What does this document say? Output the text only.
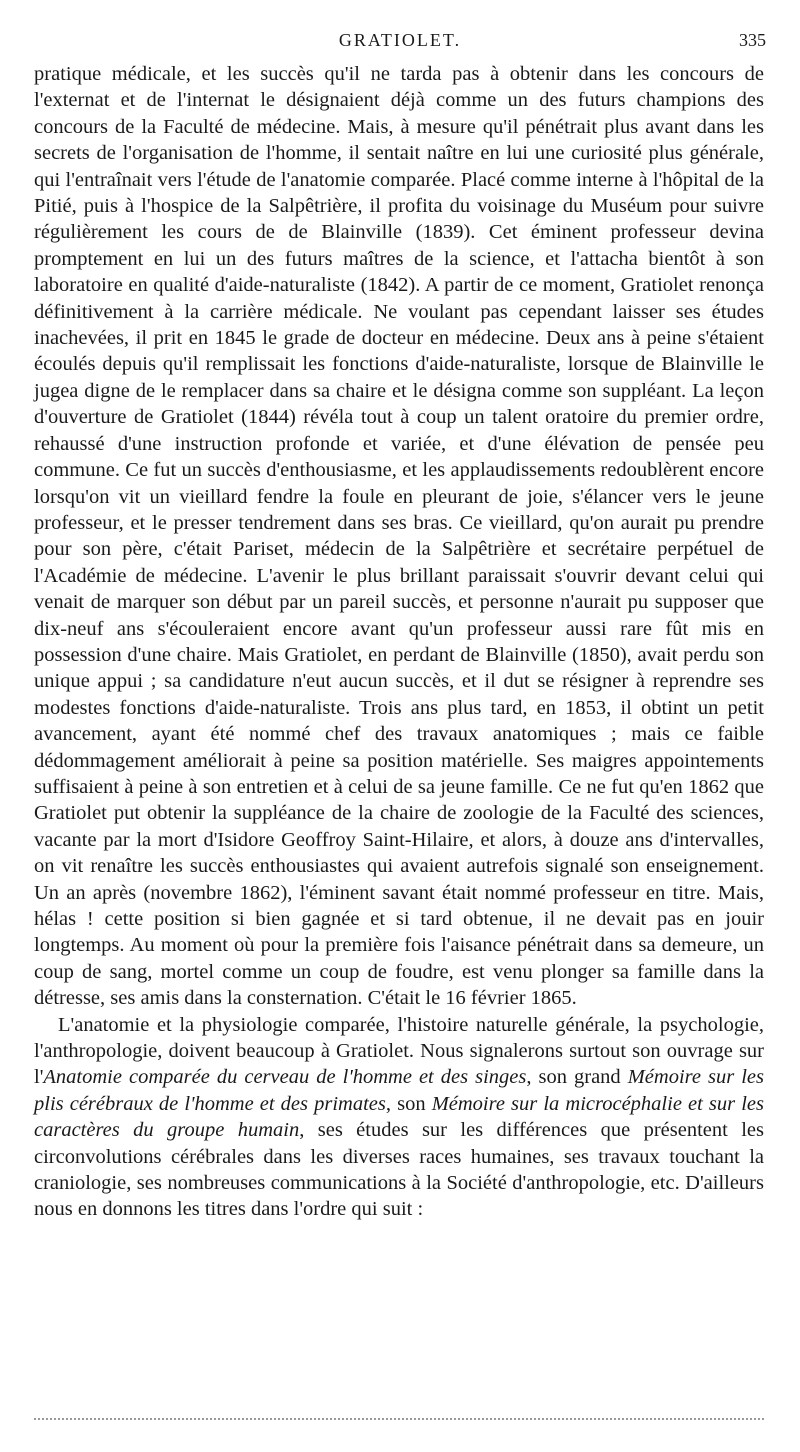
GRATIOLET.	335

pratique médicale, et les succès qu'il ne tarda pas à obtenir dans les concours de l'externat et de l'internat le désignaient déjà comme un des futurs champions des concours de la Faculté de médecine. Mais, à mesure qu'il pénétrait plus avant dans les secrets de l'organisation de l'homme, il sentait naître en lui une curiosité plus générale, qui l'entraînait vers l'étude de l'anatomie comparée. Placé comme interne à l'hôpital de la Pitié, puis à l'hospice de la Salpêtrière, il profita du voisinage du Muséum pour suivre régulièrement les cours de de Blainville (1839). Cet éminent professeur devina promptement en lui un des futurs maîtres de la science, et l'attacha bientôt à son laboratoire en qualité d'aide-naturaliste (1842). A partir de ce moment, Gratiolet renonça définitivement à la carrière médicale. Ne voulant pas cependant laisser ses études inachevées, il prit en 1845 le grade de docteur en médecine. Deux ans à peine s'étaient écoulés depuis qu'il remplissait les fonctions d'aide-naturaliste, lorsque de Blainville le jugea digne de le remplacer dans sa chaire et le désigna comme son suppléant. La leçon d'ouverture de Gratiolet (1844) révéla tout à coup un talent oratoire du premier ordre, rehaussé d'une instruction profonde et variée, et d'une élévation de pensée peu commune. Ce fut un succès d'enthousiasme, et les applaudissements redoublèrent encore lorsqu'on vit un vieillard fendre la foule en pleurant de joie, s'élancer vers le jeune professeur, et le presser tendrement dans ses bras. Ce vieillard, qu'on aurait pu prendre pour son père, c'était Pariset, médecin de la Salpêtrière et secrétaire perpétuel de l'Académie de médecine. L'avenir le plus brillant paraissait s'ouvrir devant celui qui venait de marquer son début par un pareil succès, et personne n'aurait pu supposer que dix-neuf ans s'écouleraient encore avant qu'un professeur aussi rare fût mis en possession d'une chaire. Mais Gratiolet, en perdant de Blainville (1850), avait perdu son unique appui ; sa candidature n'eut aucun succès, et il dut se résigner à reprendre ses modestes fonctions d'aide-naturaliste. Trois ans plus tard, en 1853, il obtint un petit avancement, ayant été nommé chef des travaux anatomiques ; mais ce faible dédommagement améliorait à peine sa position matérielle. Ses maigres appointements suffisaient à peine à son entretien et à celui de sa jeune famille. Ce ne fut qu'en 1862 que Gratiolet put obtenir la suppléance de la chaire de zoologie de la Faculté des sciences, vacante par la mort d'Isidore Geoffroy Saint-Hilaire, et alors, à douze ans d'intervalles, on vit renaître les succès enthousiastes qui avaient autrefois signalé son enseignement. Un an après (novembre 1862), l'éminent savant était nommé professeur en titre. Mais, hélas ! cette position si bien gagnée et si tard obtenue, il ne devait pas en jouir longtemps. Au moment où pour la première fois l'aisance pénétrait dans sa demeure, un coup de sang, mortel comme un coup de foudre, est venu plonger sa famille dans la détresse, ses amis dans la consternation. C'était le 16 février 1865.

L'anatomie et la physiologie comparée, l'histoire naturelle générale, la psychologie, l'anthropologie, doivent beaucoup à Gratiolet. Nous signalerons surtout son ouvrage sur l'Anatomie comparée du cerveau de l'homme et des singes, son grand Mémoire sur les plis cérébraux de l'homme et des primates, son Mémoire sur la microcéphalie et sur les caractères du groupe humain, ses études sur les différences que présentent les circonvolutions cérébrales dans les diverses races humaines, ses travaux touchant la craniologie, ses nombreuses communications à la Société d'anthropologie, etc. D'ailleurs nous en donnons les titres dans l'ordre qui suit :
